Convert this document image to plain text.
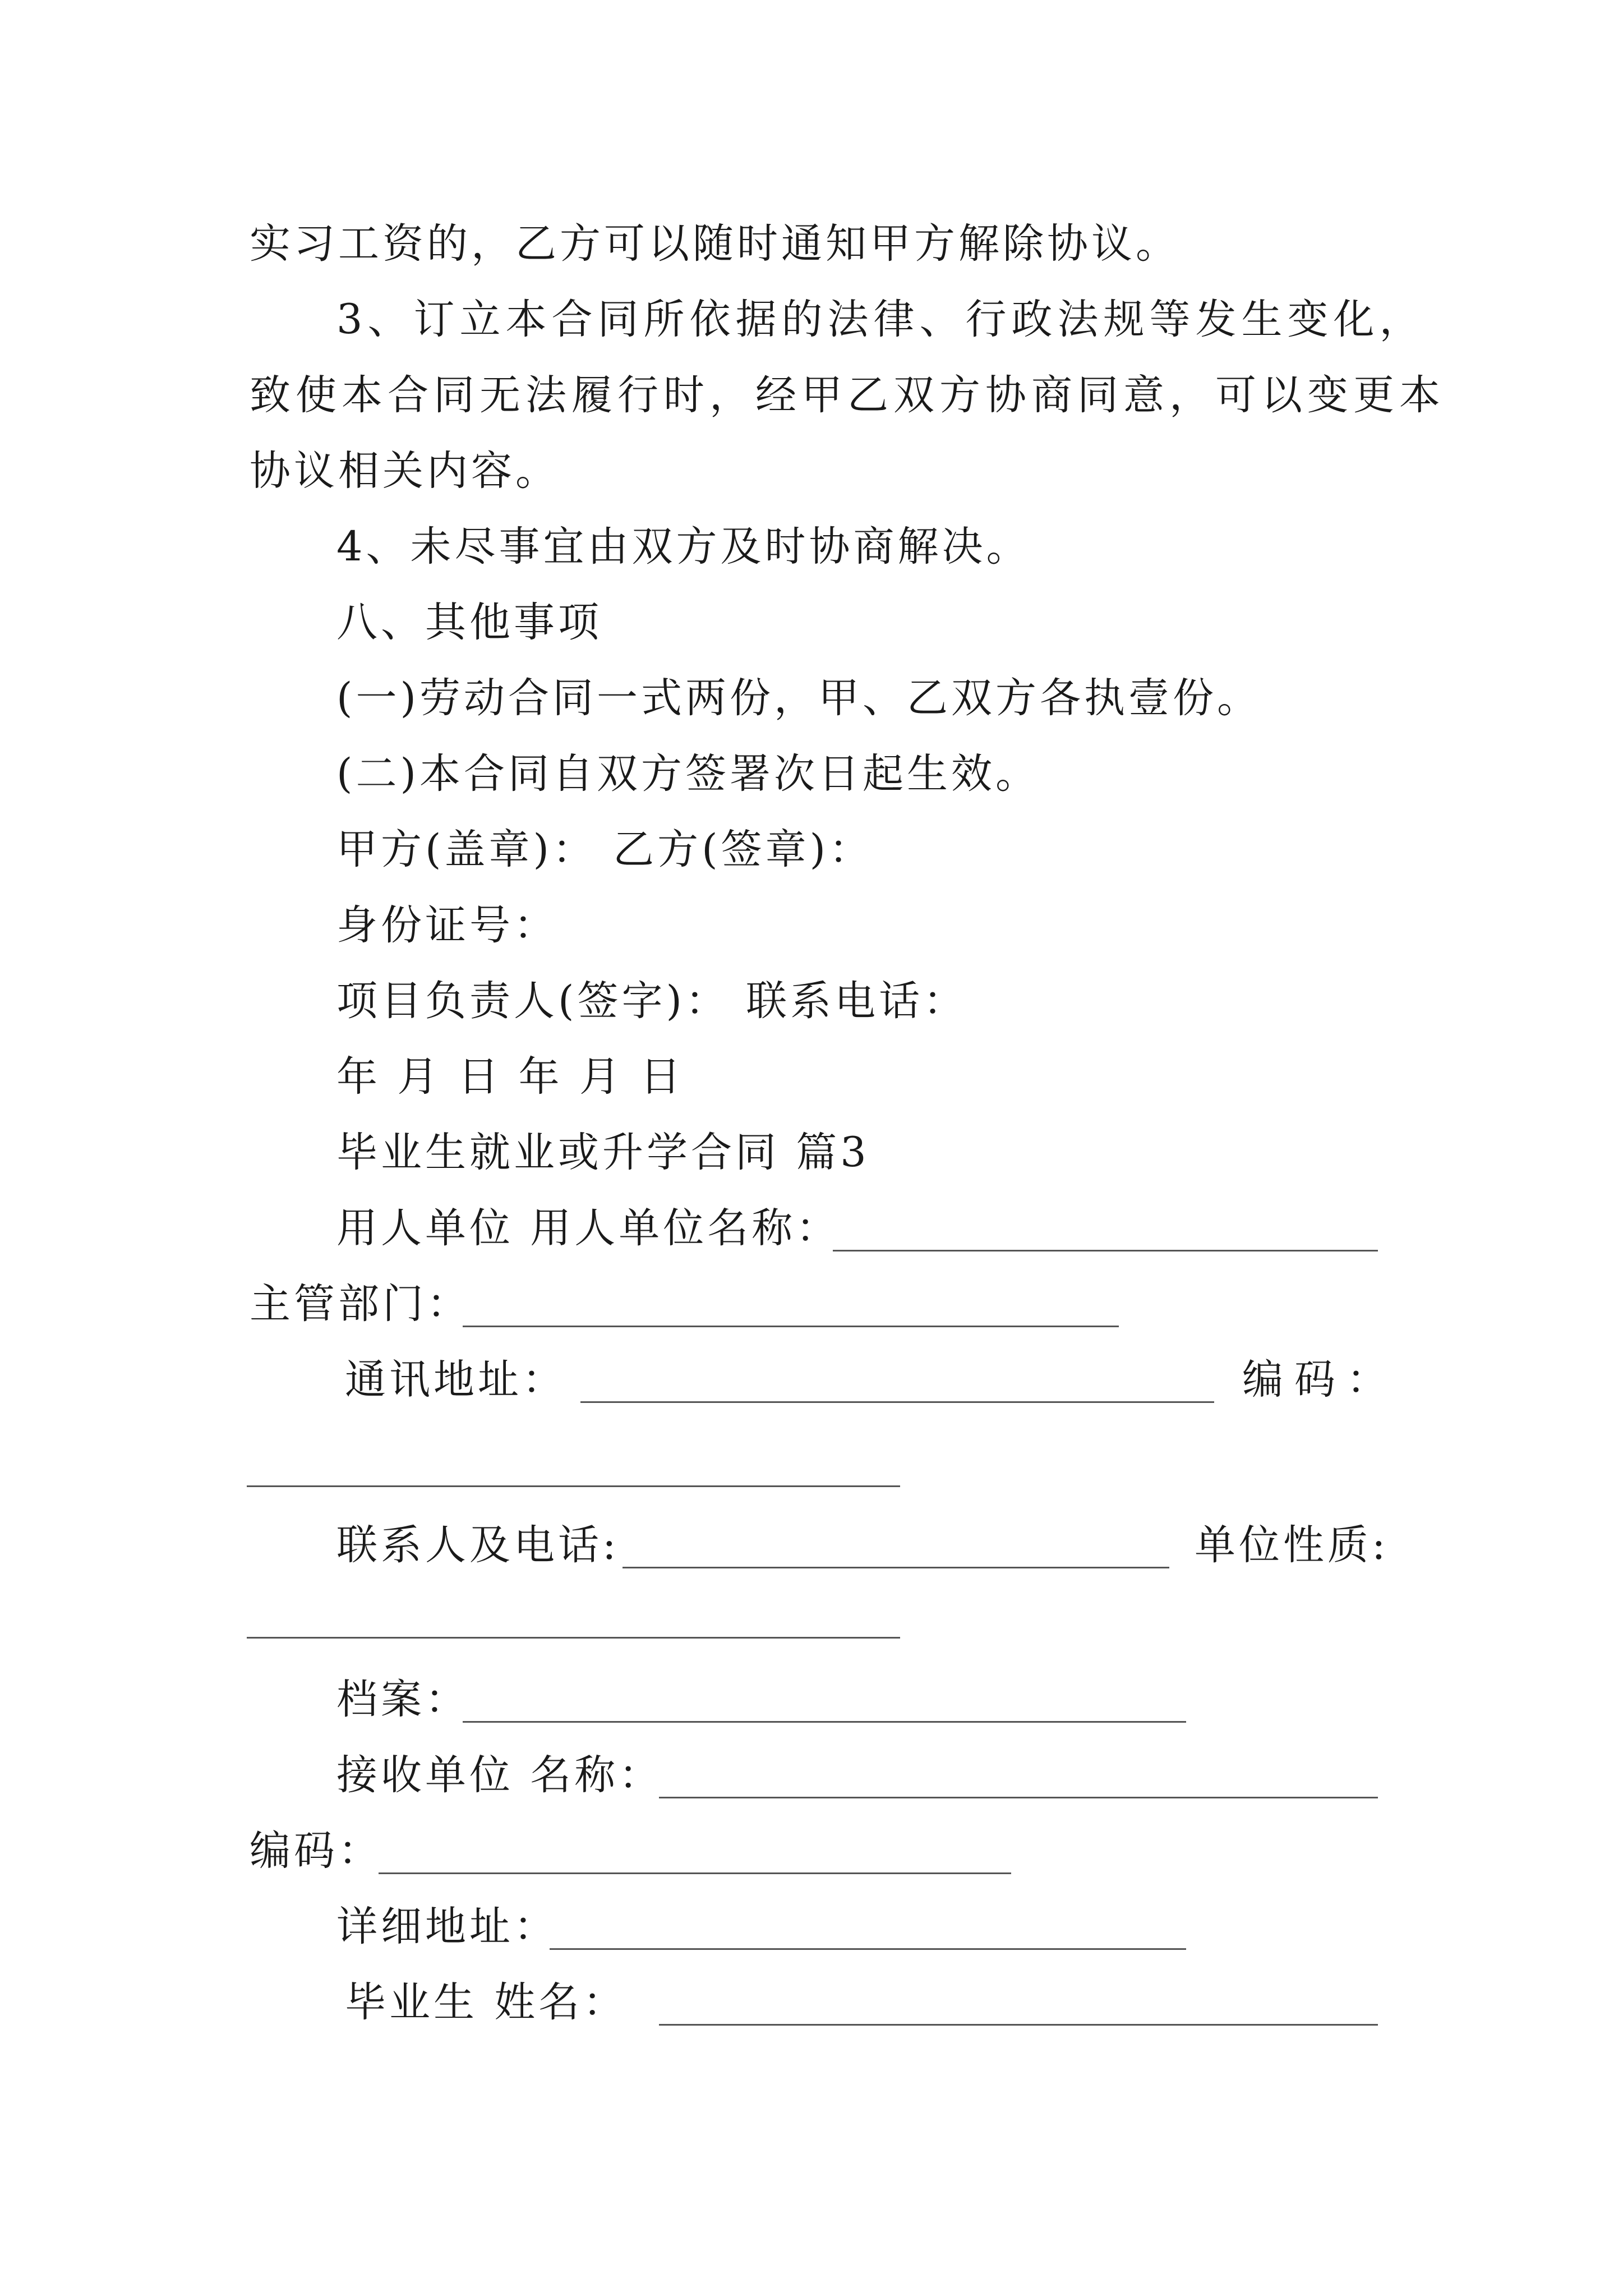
实习工资的，乙方可以随时通知甲方解除协议。
3、订立本合同所依据的法律、行政法规等发生变化，
致使本合同无法履行时，经甲乙双方协商同意，可以变更本
协议相关内容。
4、未尽事宜由双方及时协商解决。
八、其他事项
(一)劳动合同一式两份，甲、乙双方各执壹份。
(二)本合同自双方签署次日起生效。
甲方(盖章)： 乙方(签章)：
身份证号：
项目负责人(签字)： 联系电话：
年 月 日 年 月 日
毕业生就业或升学合同 篇3
用人单位 用人单位名称：
主管部门：
通讯地址：	编码：
联系人及电话:	单位性质:
档案：
接收单位 名称：
编码：
详细地址：
毕业生 姓名：
